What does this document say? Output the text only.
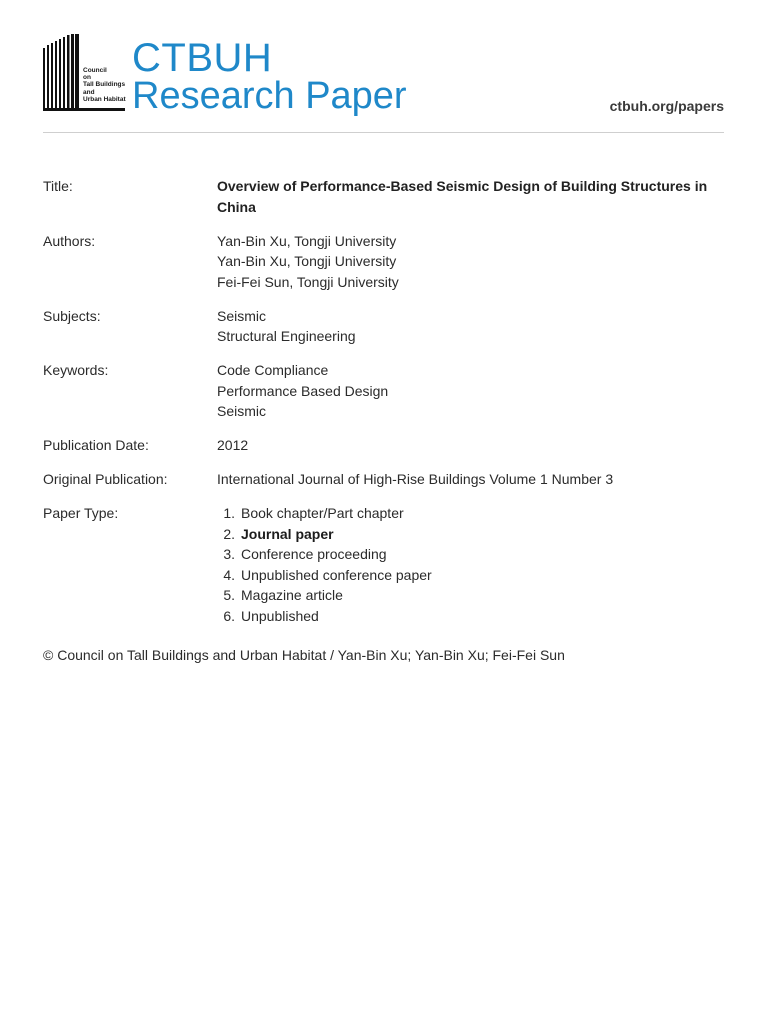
Council
on
Tall Buildings
and
Urban Habitat
CTBUH
Research Paper	ctbuh.org/papers
Title:	Overview of Performance-Based Seismic Design of Building Structures in China
Authors:	Yan-Bin Xu, Tongji University
Yan-Bin Xu, Tongji University
Fei-Fei Sun, Tongji University
Subjects:	Seismic
Structural Engineering
Keywords:	Code Compliance
Performance Based Design
Seismic
Publication Date:	2012
Original Publication:	International Journal of High-Rise Buildings Volume 1 Number 3
Paper Type:	1. Book chapter/Part chapter
2. Journal paper
3. Conference proceeding
4. Unpublished conference paper
5. Magazine article
6. Unpublished
© Council on Tall Buildings and Urban Habitat / Yan-Bin Xu; Yan-Bin Xu; Fei-Fei Sun
